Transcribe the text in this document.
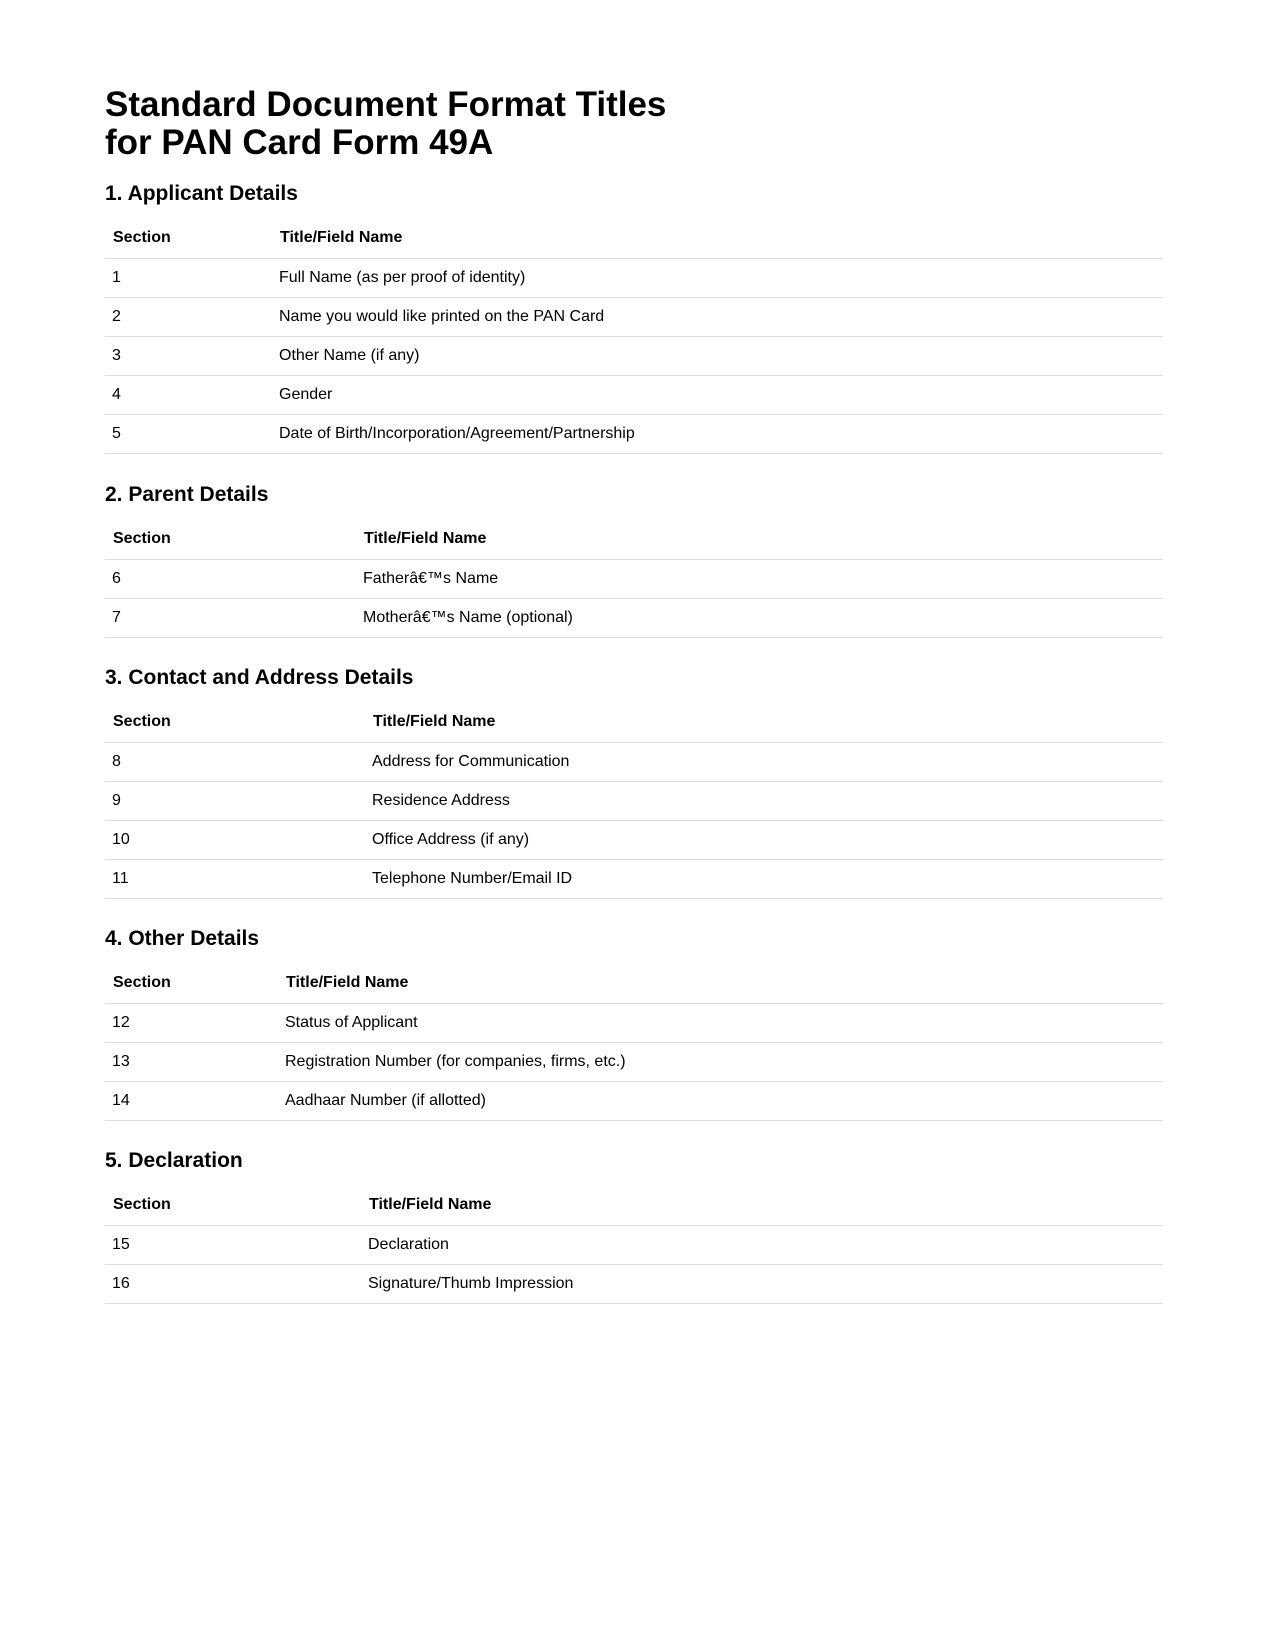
Standard Document Format Titles
for PAN Card Form 49A
1. Applicant Details
Section	Title/Field Name
1	Full Name (as per proof of identity)
2	Name you would like printed on the PAN Card
3	Other Name (if any)
4	Gender
5	Date of Birth/Incorporation/Agreement/Partnership
2. Parent Details
Section	Title/Field Name
6	Fatherâ€™s Name
7	Motherâ€™s Name (optional)
3. Contact and Address Details
Section	Title/Field Name
8	Address for Communication
9	Residence Address
10	Office Address (if any)
11	Telephone Number/Email ID
4. Other Details
Section	Title/Field Name
12	Status of Applicant
13	Registration Number (for companies, firms, etc.)
14	Aadhaar Number (if allotted)
5. Declaration
Section	Title/Field Name
15	Declaration
16	Signature/Thumb Impression
